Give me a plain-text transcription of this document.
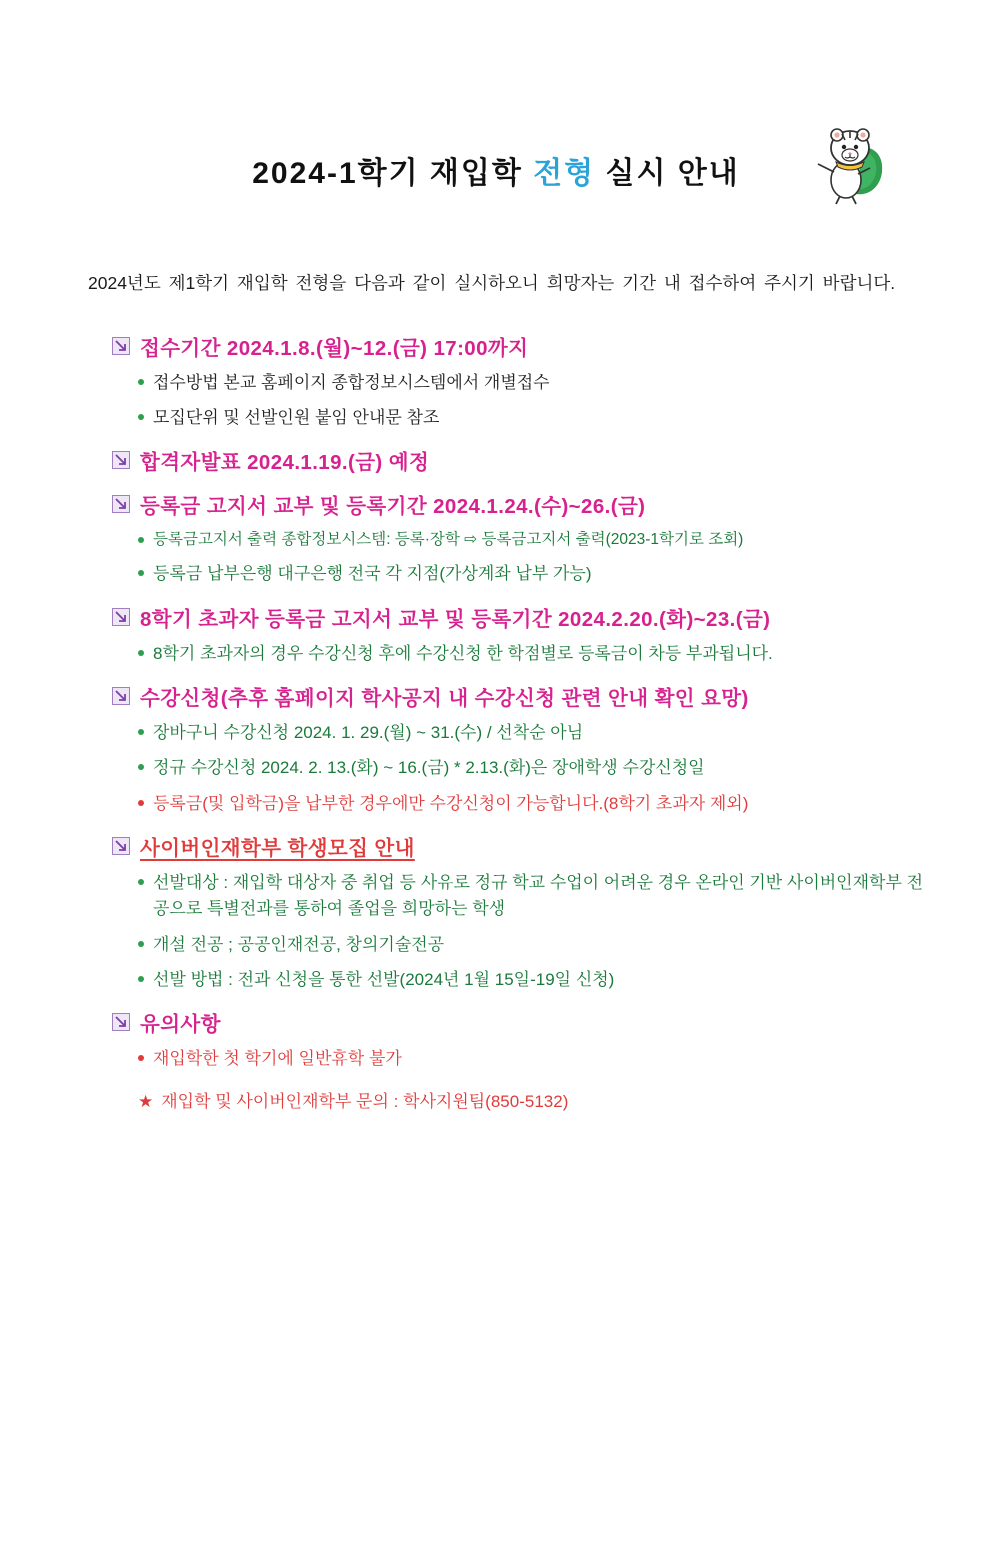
2024-1학기 재입학 전형 실시 안내

2024년도 제1학기 재입학 전형을 다음과 같이 실시하오니 희망자는 기간 내 접수하여 주시기 바랍니다.

접수기간 2024.1.8.(월)~12.(금) 17:00까지
접수방법 본교 홈페이지 종합정보시스템에서 개별접수
모집단위 및 선발인원 붙임 안내문 참조
합격자발표 2024.1.19.(금) 예정
등록금 고지서 교부 및 등록기간 2024.1.24.(수)~26.(금)
등록금고지서 출력 종합정보시스템: 등록·장학 ⇨ 등록금고지서 출력(2023-1학기로 조회)
등록금 납부은행 대구은행 전국 각 지점(가상계좌 납부 가능)
8학기 초과자 등록금 고지서 교부 및 등록기간 2024.2.20.(화)~23.(금)
8학기 초과자의 경우 수강신청 후에 수강신청 한 학점별로 등록금이 차등 부과됩니다.
수강신청(추후 홈페이지 학사공지 내 수강신청 관련 안내 확인 요망)
장바구니 수강신청 2024. 1. 29.(월) ~ 31.(수) / 선착순 아님
정규 수강신청 2024. 2. 13.(화) ~ 16.(금) * 2.13.(화)은 장애학생 수강신청일
등록금(및 입학금)을 납부한 경우에만 수강신청이 가능합니다.(8학기 초과자 제외)
사이버인재학부 학생모집 안내
선발대상 : 재입학 대상자 중 취업 등 사유로 정규 학교 수업이 어려운 경우 온라인 기반 사이버인재학부 전공으로 특별전과를 통하여 졸업을 희망하는 학생
개설 전공 ; 공공인재전공, 창의기술전공
선발 방법 : 전과 신청을 통한 선발(2024년 1월 15일-19일 신청)
유의사항
재입학한 첫 학기에 일반휴학 불가
★ 재입학 및 사이버인재학부 문의 : 학사지원팀(850-5132)
